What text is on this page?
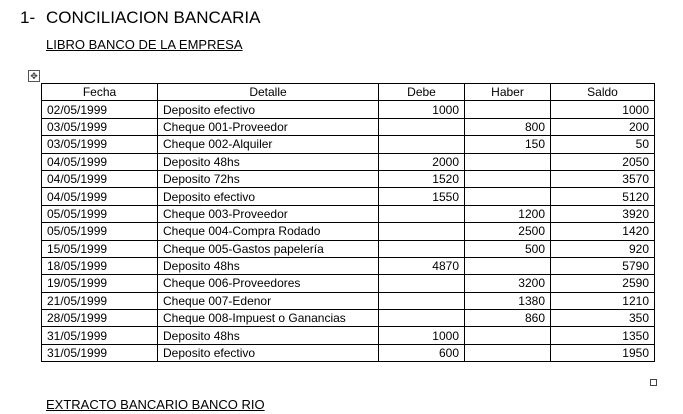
1- CONCILIACION BANCARIA

LIBRO BANCO DE LA EMPRESA

✥
Fecha	Detalle	Debe	Haber	Saldo
02/05/1999	Deposito efectivo	1000		1000
03/05/1999	Cheque 001-Proveedor		800	200
03/05/1999	Cheque 002-Alquiler		150	50
04/05/1999	Deposito 48hs	2000		2050
04/05/1999	Deposito 72hs	1520		3570
04/05/1999	Deposito efectivo	1550		5120
05/05/1999	Cheque 003-Proveedor		1200	3920
05/05/1999	Cheque 004-Compra Rodado		2500	1420
15/05/1999	Cheque 005-Gastos papelería		500	920
18/05/1999	Deposito 48hs	4870		5790
19/05/1999	Cheque 006-Proveedores		3200	2590
21/05/1999	Cheque 007-Edenor		1380	1210
28/05/1999	Cheque 008-Impuest o Ganancias		860	350
31/05/1999	Deposito 48hs	1000		1350
31/05/1999	Deposito efectivo	600		1950

EXTRACTO BANCARIO BANCO RIO
